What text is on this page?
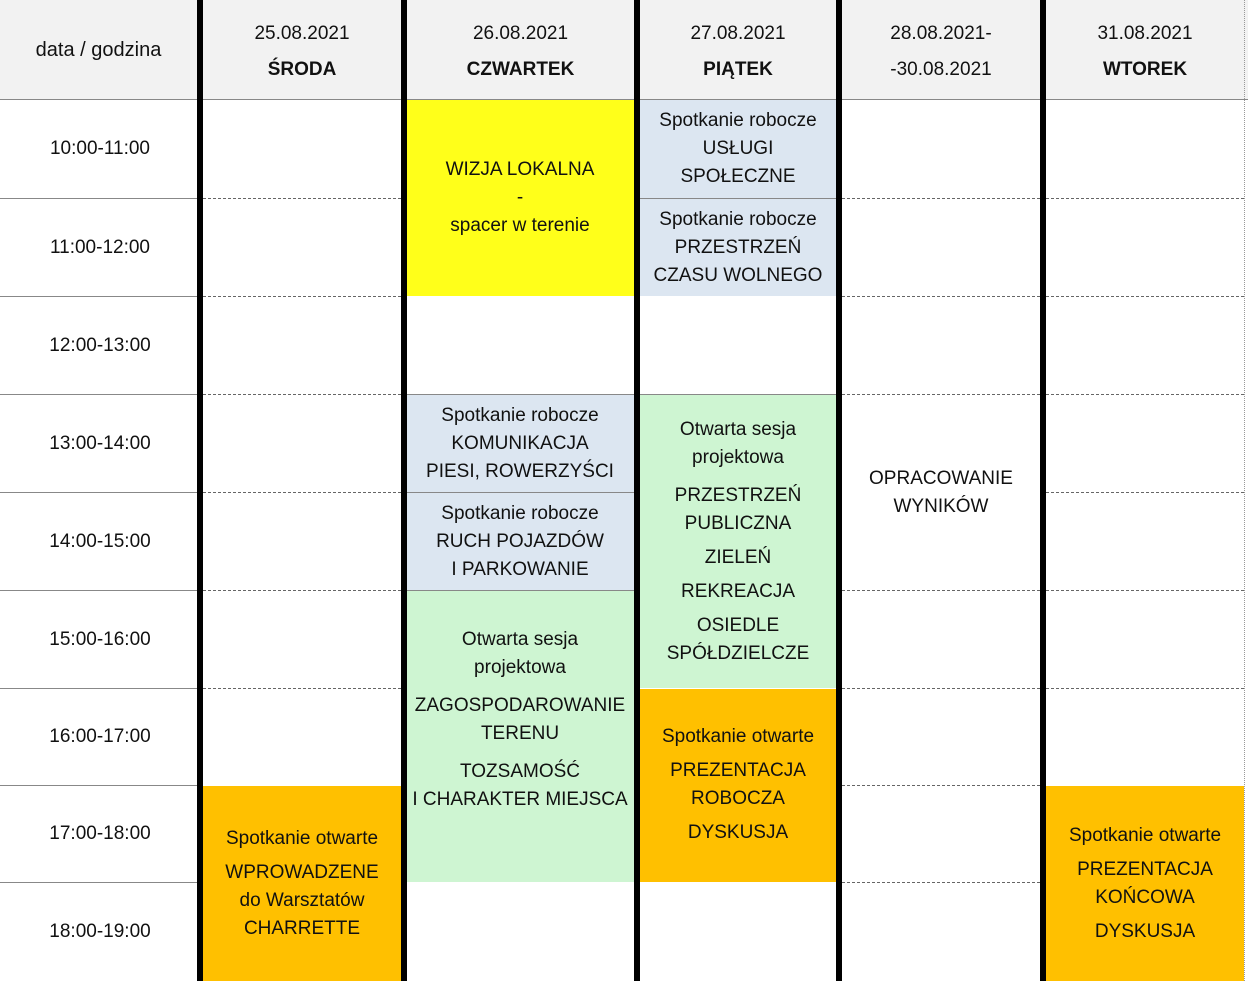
WIZJA LOKALNA
-
spacer w terenie
Spotkanie robocze
USŁUGI
SPOŁECZNE
Spotkanie robocze
PRZESTRZEŃ
CZASU WOLNEGO
Spotkanie robocze
KOMUNIKACJA
PIESI, ROWERZYŚCI
Spotkanie robocze
RUCH POJAZDÓW
I PARKOWANIE
Otwarta sesja
projektowa
ZAGOSPODAROWANIE
TERENU
TOZSAMOŚĆ
I CHARAKTER MIEJSCA
Otwarta sesja
projektowa
PRZESTRZEŃ
PUBLICZNA
ZIELEŃ
REKREACJA
OSIEDLE
SPÓŁDZIELCZE
Spotkanie otwarte
PREZENTACJA
ROBOCZA
DYSKUSJA
Spotkanie otwarte
WPROWADZENE
do Warsztatów
CHARRETTE
Spotkanie otwarte
PREZENTACJA
KOŃCOWA
DYSKUSJA
OPRACOWANIE
WYNIKÓW
data / godzina
25.08.2021
ŚRODA
26.08.2021
CZWARTEK
27.08.2021
PIĄTEK
28.08.2021-
-30.08.2021
31.08.2021
WTOREK
10:00-11:00
11:00-12:00
12:00-13:00
13:00-14:00
14:00-15:00
15:00-16:00
16:00-17:00
17:00-18:00
18:00-19:00
